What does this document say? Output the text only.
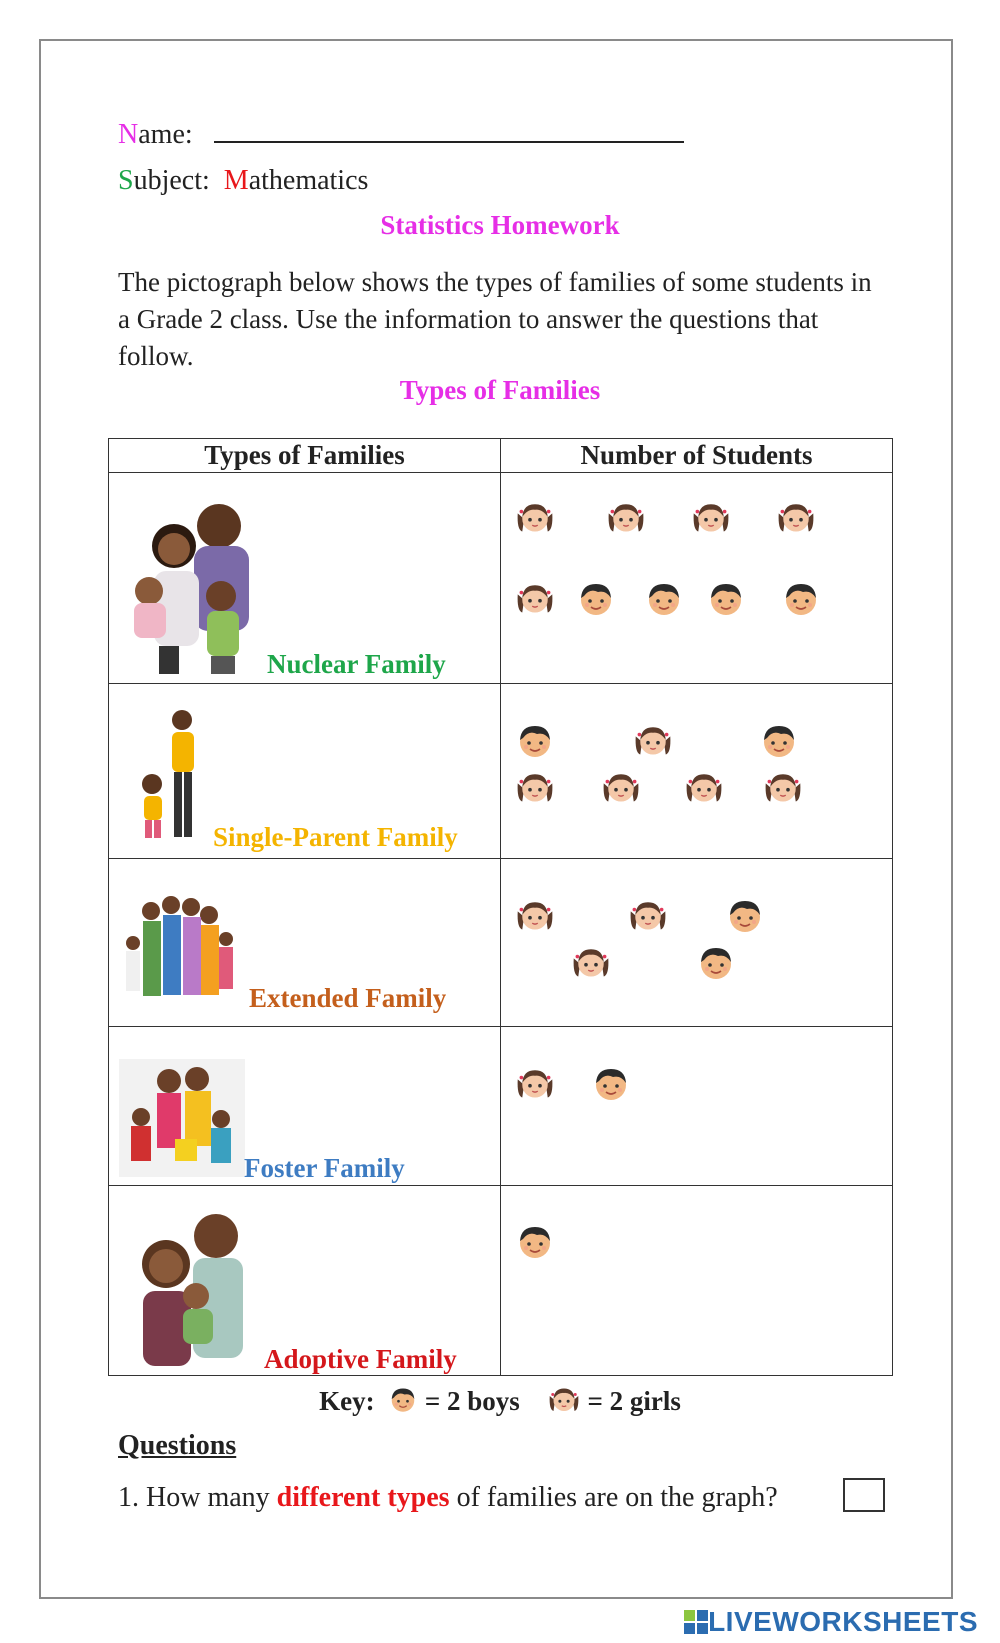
Name:
Subject: Mathematics
Statistics Homework
The pictograph below shows the types of families of some students in a Grade 2 class. Use the information to answer the questions that follow.
Types of Families
Types of Families	Number of Students

Nuclear Family

Single-Parent Family

Extended Family

Foster Family

Adoptive Family

Key: = 2 boys	= 2 girls
Questions
1. How many different types of families are on the graph?
LIVEWORKSHEETS
